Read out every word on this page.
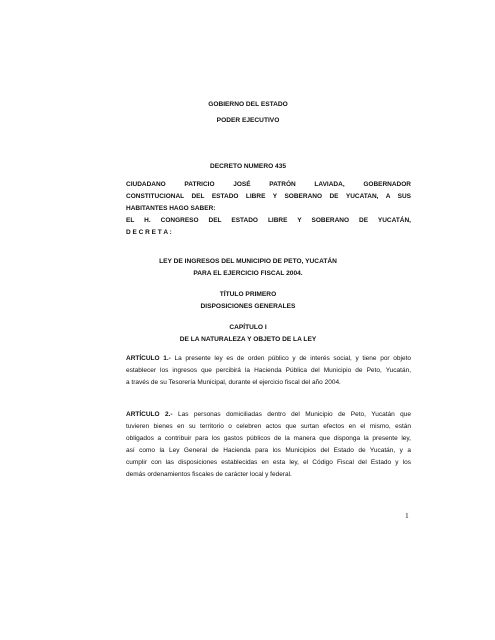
GOBIERNO DEL ESTADO
PODER EJECUTIVO
DECRETO NUMERO 435
CIUDADANO PATRICIO JOSÉ PATRÓN LAVIADA, GOBERNADOR
CONSTITUCIONAL DEL ESTADO LIBRE Y SOBERANO DE YUCATAN, A SUS
HABITANTES HAGO SABER:
EL H. CONGRESO DEL ESTADO LIBRE Y SOBERANO DE YUCATÁN,
D E C R E T A :
LEY DE INGRESOS DEL MUNICIPIO DE PETO, YUCATÁN
PARA EL EJERCICIO FISCAL 2004.
TÍTULO PRIMERO
DISPOSICIONES GENERALES
CAPÍTULO I
DE LA NATURALEZA Y OBJETO DE LA LEY
ARTÍCULO 1.- La presente ley es de orden público y de interés social, y tiene por objeto
establecer los ingresos que percibirá la Hacienda Pública del Municipio de Peto, Yucatán,
a través de su Tesorería Municipal, durante el ejercicio fiscal del año 2004.
ARTÍCULO 2.- Las personas domiciliadas dentro del Municipio de Peto, Yucatán que
tuvieren bienes en su territorio o celebren actos que surtan efectos en el mismo, están
obligados a contribuir para los gastos públicos de la manera que disponga la presente ley,
así como la Ley General de Hacienda para los Municipios del Estado de Yucatán, y a
cumplir con las disposiciones establecidas en esta ley, el Código Fiscal del Estado y los
demás ordenamientos fiscales de carácter local y federal.
1
